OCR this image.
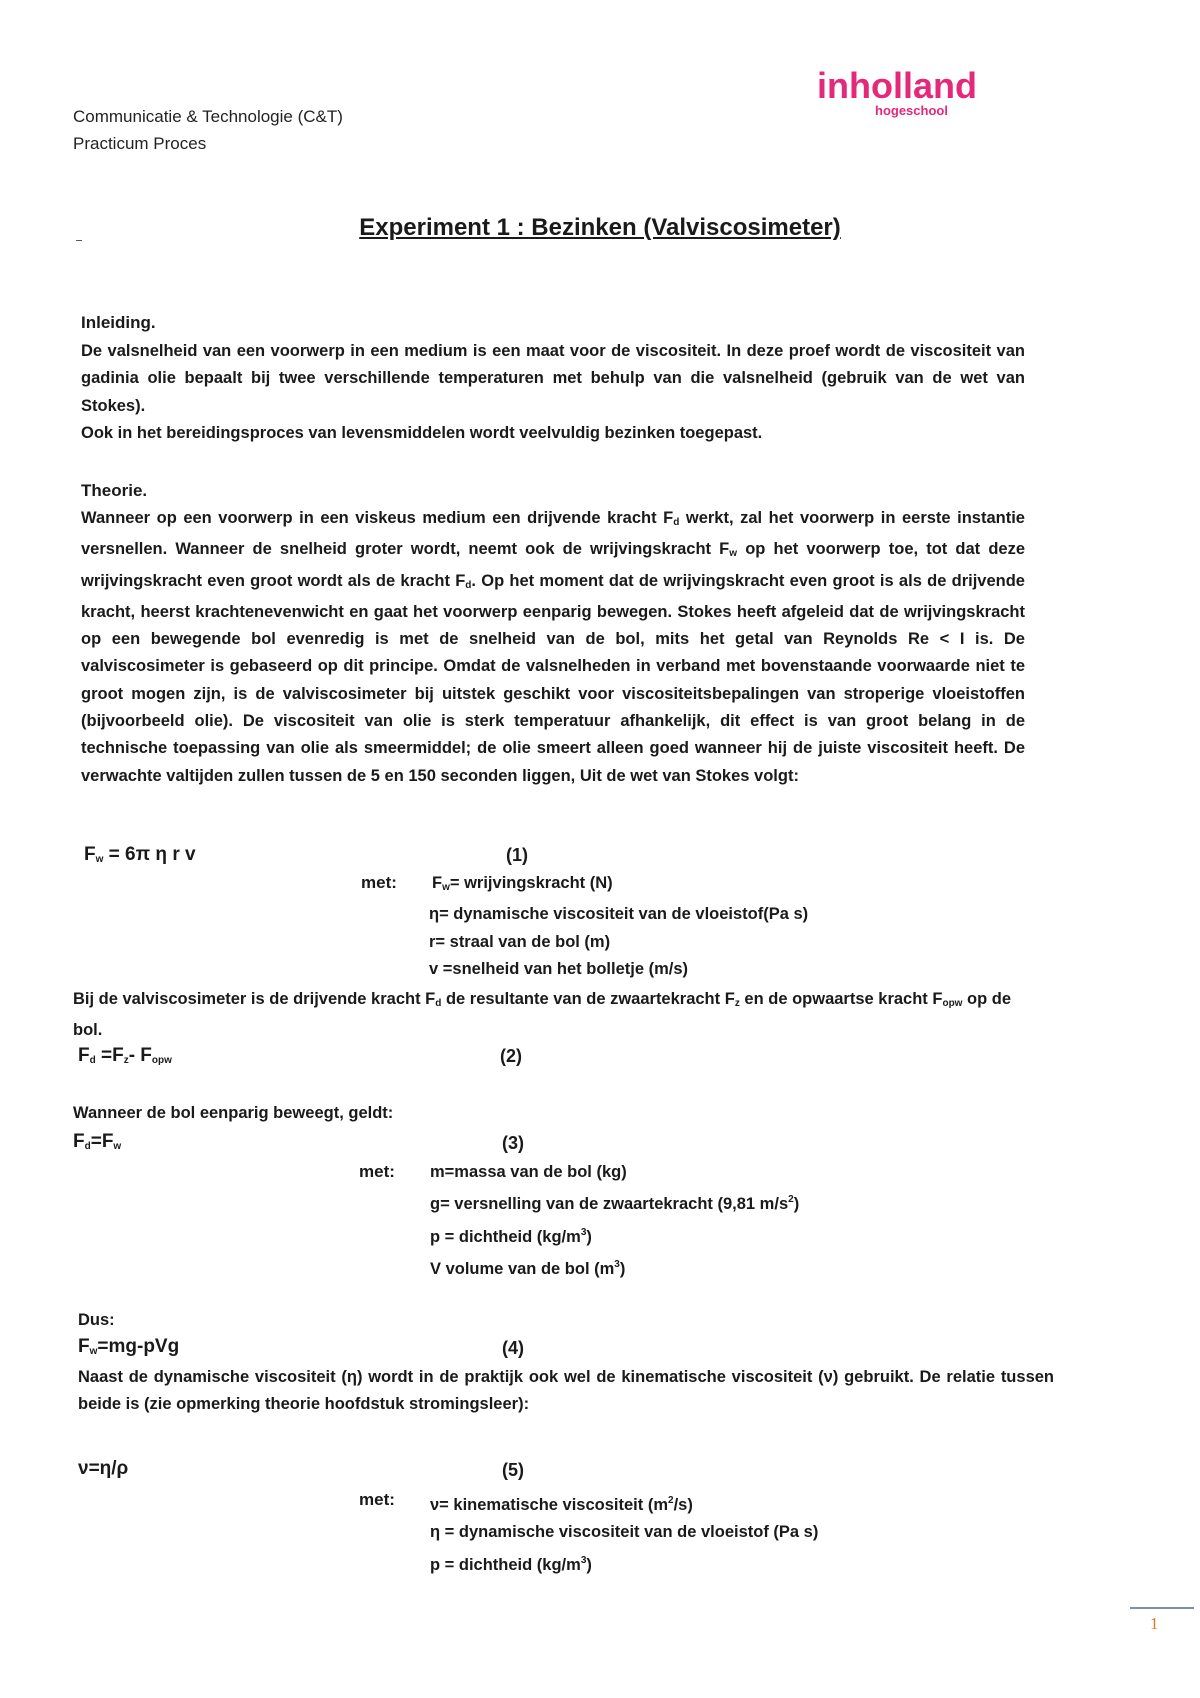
Communicatie & Technologie (C&T)
Practicum Proces
inholland
hogeschool
Experiment 1 : Bezinken (Valviscosimeter)
Inleiding.

De valsnelheid van een voorwerp in een medium is een maat voor de viscositeit. In deze proef wordt de viscositeit van gadinia olie bepaalt bij twee verschillende temperaturen met behulp van die valsnelheid (gebruik van de wet van Stokes).

Ook in het bereidingsproces van levensmiddelen wordt veelvuldig bezinken toegepast.

Theorie.

Wanneer op een voorwerp in een viskeus medium een drijvende kracht $F_d$ werkt, zal het voorwerp in eerste instantie versnellen. Wanneer de snelheid groter wordt, neemt ook de wrijvingskracht $F_w$ op het voorwerp toe, tot dat deze wrijvingskracht even groot wordt als de kracht $F_d$. Op het moment dat de wrijvingskracht even groot is als de drijvende kracht, heerst krachtenevenwicht en gaat het voorwerp eenparig bewegen. Stokes heeft afgeleid dat de wrijvingskracht op een bewegende bol evenredig is met de snelheid van de bol, mits het getal van Reynolds Re < I is. De valviscosimeter is gebaseerd op dit principe. Omdat de valsnelheden in verband met bovenstaande voorwaarde niet te groot mogen zijn, is de valviscosimeter bij uitstek geschikt voor viscositeitsbepalingen van stroperige vloeistoffen (bijvoorbeeld olie). De viscositeit van olie is sterk temperatuur afhankelijk, dit effect is van groot belang in de technische toepassing van olie als smeermiddel; de olie smeert alleen goed wanneer hij de juiste viscositeit heeft. De verwachte valtijden zullen tussen de 5 en 150 seconden liggen, Uit de wet van Stokes volgt:

$F_w = 6\pi$ η r v	(1)
met: $F_w=$ wrijvingskracht (N)
η= dynamische viscositeit van de vloeistof(Pa s)
r= straal van de bol (m)
v =snelheid van het bolletje (m/s)
Bij de valviscosimeter is de drijvende kracht $F_d$ de resultante van de zwaartekracht $F_z$ en de opwaartse kracht $F_{opw}$ op de bol.
$F_d =F_z-$ $F_{opw}$	(2)
Wanneer de bol eenparig beweegt, geldt:
$F_d=F_w$	(3)
met: m=massa van de bol (kg)
g= versnelling van de zwaartekracht (9,81 $m/s^2$)
p = dichtheid $(kg/m^3)$
V volume van de bol $(m^3)$
Dus:
$F_w=mg$-pVg	(4)
Naast de dynamische viscositeit (η) wordt in de praktijk ook wel de kinematische viscositeit (ν) gebruikt. De relatie tussen beide is (zie opmerking theorie hoofdstuk stromingsleer):
ν=η/ρ	(5)
met: ν= kinematische viscositeit $(m^2/s)$
η = dynamische viscositeit van de vloeistof (Pa s)
p = dichtheid $(kg/m^3)$
1
